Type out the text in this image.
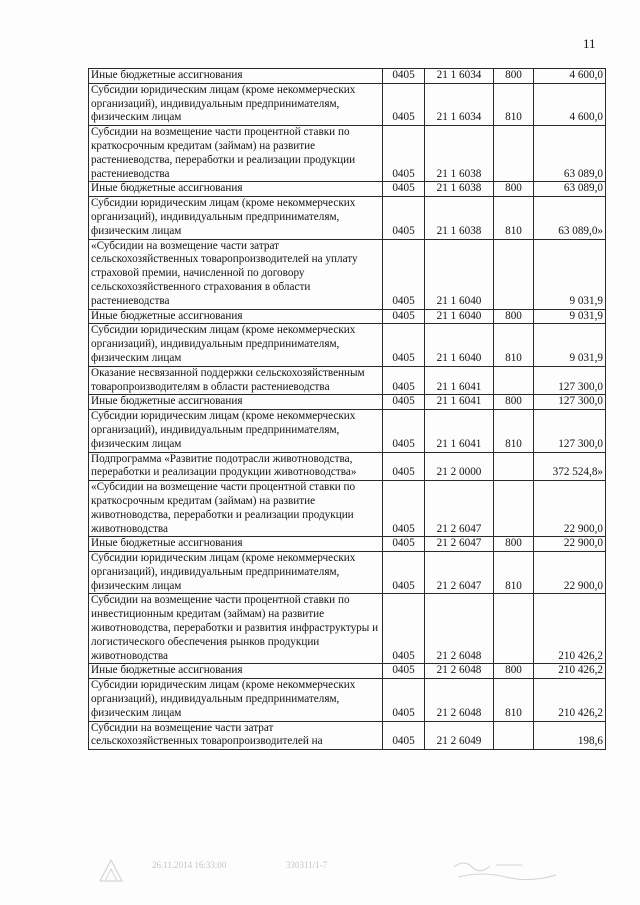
11
Иные бюджетные ассигнования	0405	21 1 6034	800	4 600,0
Субсидии юридическим лицам (кроме некоммерческих организаций), индивидуальным предпринимателям, физическим лицам	0405	21 1 6034	810	4 600,0
Субсидии на возмещение части процентной ставки по краткосрочным кредитам (займам) на развитие растениеводства, переработки и реализации продукции растениеводства	0405	21 1 6038		63 089,0
Иные бюджетные ассигнования	0405	21 1 6038	800	63 089,0
Субсидии юридическим лицам (кроме некоммерческих организаций), индивидуальным предпринимателям, физическим лицам	0405	21 1 6038	810	63 089,0»
«Субсидии на возмещение части затрат сельскохозяйственных товаропроизводителей на уплату страховой премии, начисленной по договору сельскохозяйственного страхования в области растениеводства	0405	21 1 6040		9 031,9
Иные бюджетные ассигнования	0405	21 1 6040	800	9 031,9
Субсидии юридическим лицам (кроме некоммерческих организаций), индивидуальным предпринимателям, физическим лицам	0405	21 1 6040	810	9 031,9
Оказание несвязанной поддержки сельскохозяйственным товаропроизводителям в области растениеводства	0405	21 1 6041		127 300,0
Иные бюджетные ассигнования	0405	21 1 6041	800	127 300,0
Субсидии юридическим лицам (кроме некоммерческих организаций), индивидуальным предпринимателям, физическим лицам	0405	21 1 6041	810	127 300,0
Подпрограмма «Развитие подотрасли животноводства, переработки и реализации продукции животноводства»	0405	21 2 0000		372 524,8»
«Субсидии на возмещение части процентной ставки по краткосрочным кредитам (займам) на развитие животноводства, переработки и реализации продукции животноводства	0405	21 2 6047		22 900,0
Иные бюджетные ассигнования	0405	21 2 6047	800	22 900,0
Субсидии юридическим лицам (кроме некоммерческих организаций), индивидуальным предпринимателям, физическим лицам	0405	21 2 6047	810	22 900,0
Субсидии на возмещение части процентной ставки по инвестиционным кредитам (займам) на развитие животноводства, переработки и развития инфраструктуры и логистического обеспечения рынков продукции животноводства	0405	21 2 6048		210 426,2
Иные бюджетные ассигнования	0405	21 2 6048	800	210 426,2
Субсидии юридическим лицам (кроме некоммерческих организаций), индивидуальным предпринимателям, физическим лицам	0405	21 2 6048	810	210 426,2
Субсидии на возмещение части затрат сельскохозяйственных товаропроизводителей на	0405	21 2 6049		198,6
26.11.2014 16:33:00	330311/1-7
